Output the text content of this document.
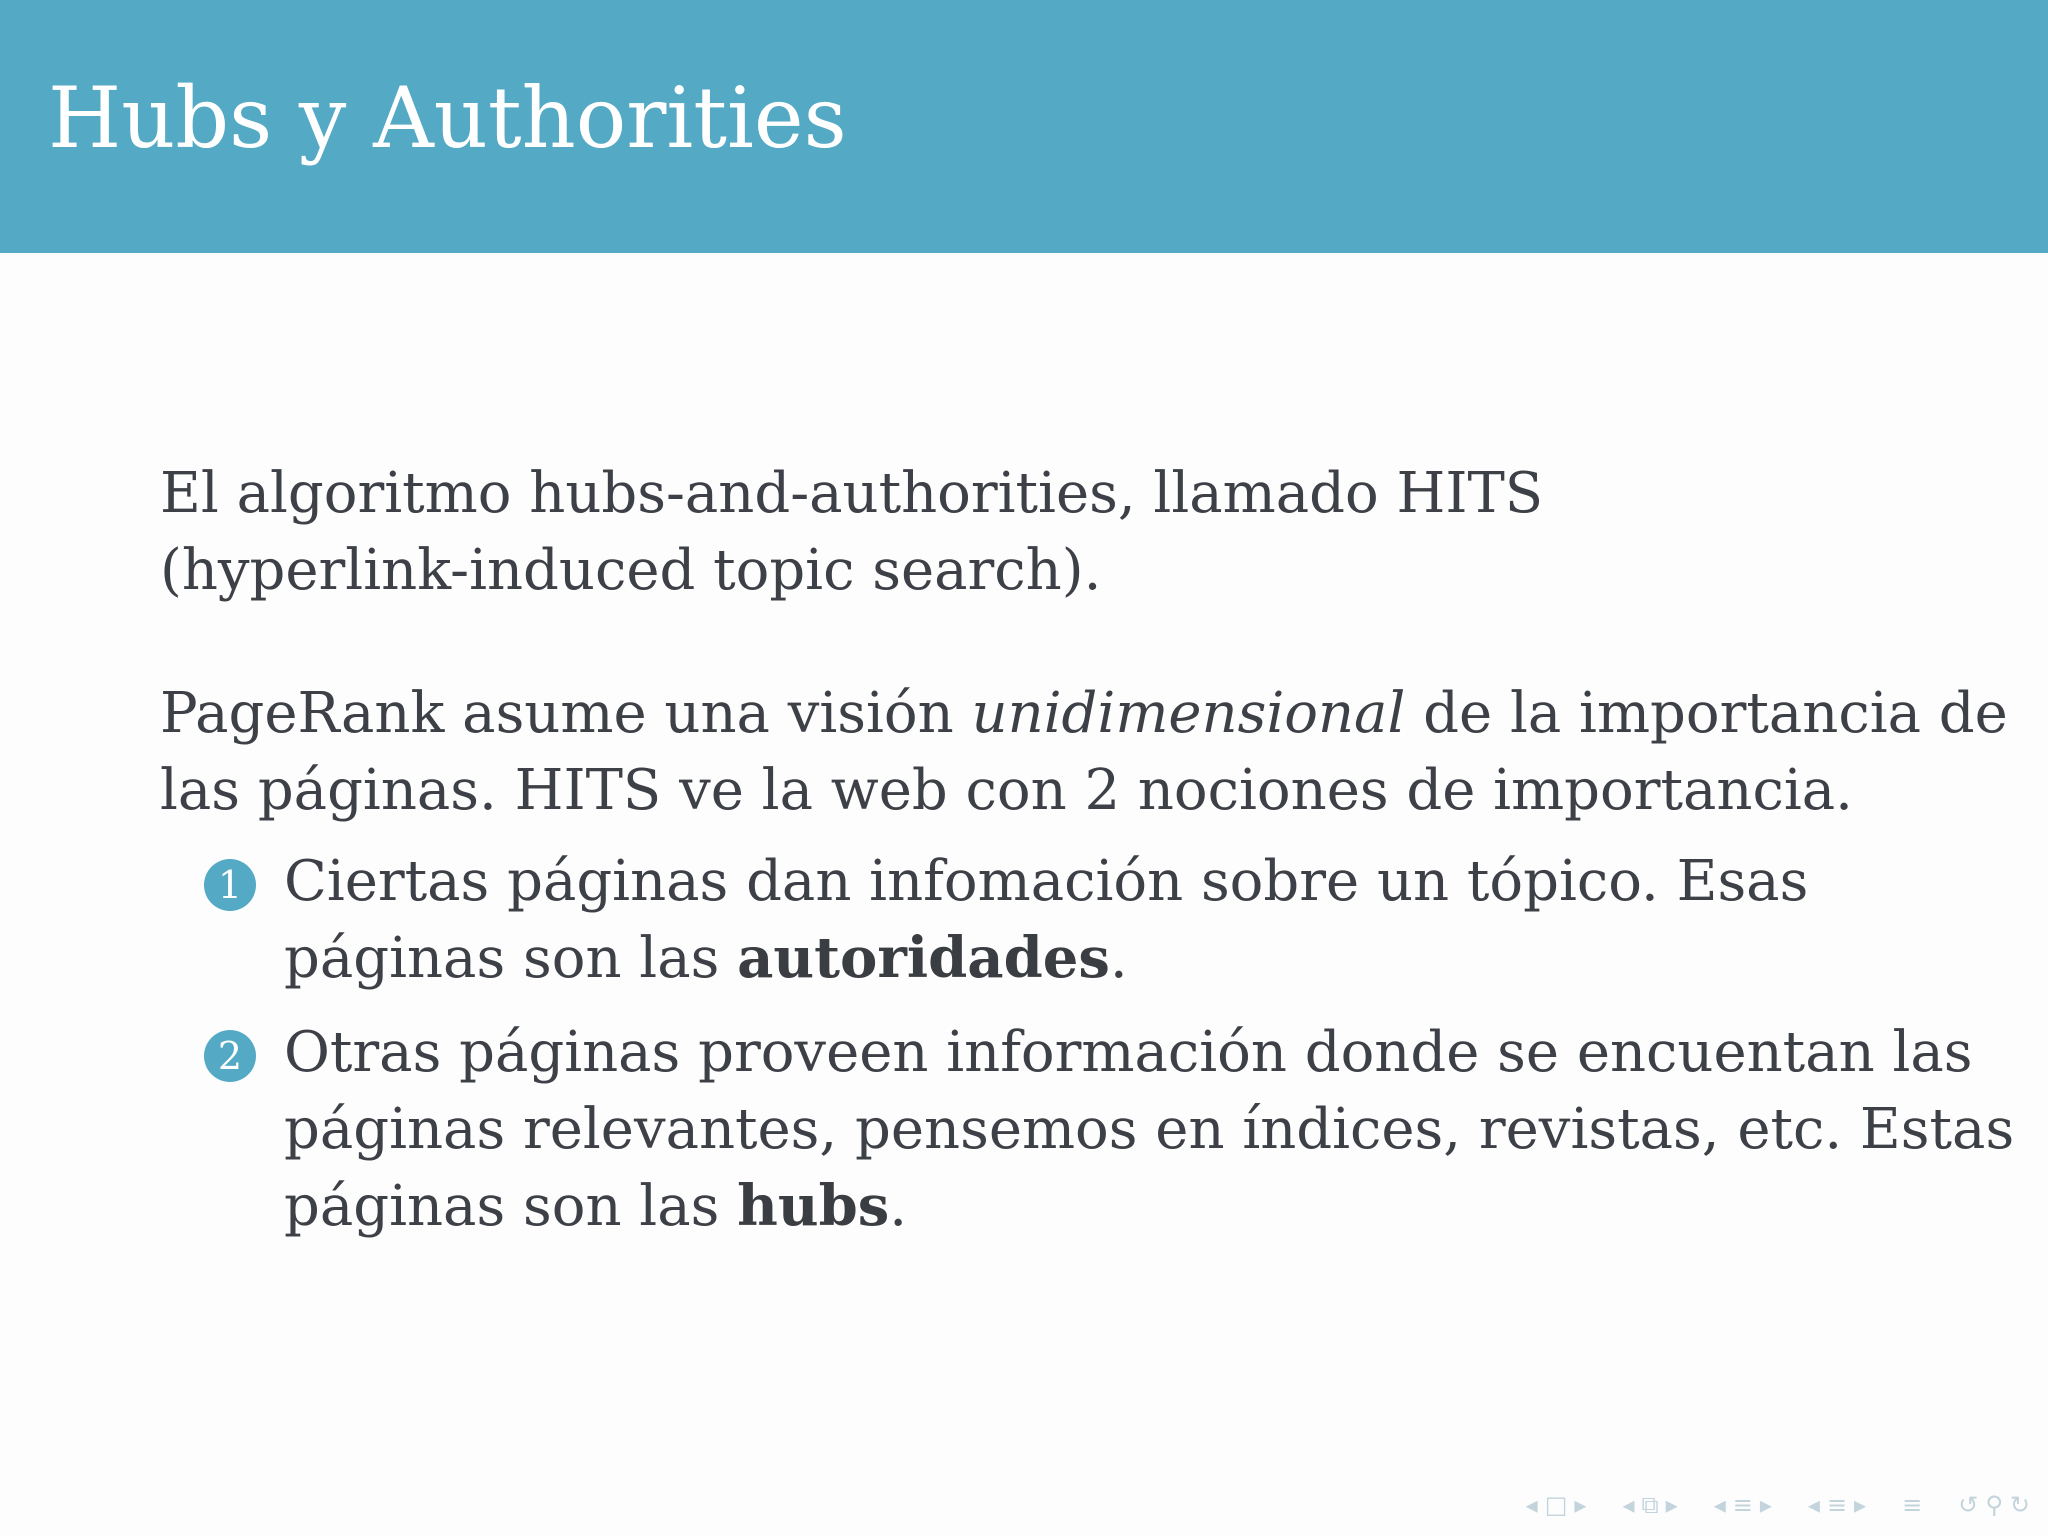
Hubs y Authorities

El algoritmo hubs-and-authorities, llamado HITS
(hyperlink-induced topic search).

PageRank asume una visión unidimensional de la importancia de
las páginas. HITS ve la web con 2 nociones de importancia.

1 Ciertas páginas dan infomación sobre un tópico. Esas
páginas son las autoridades.
2 Otras páginas proveen información donde se encuentan las
páginas relevantes, pensemos en índices, revistas, etc. Estas
páginas son las hubs.
◂ □ ▸ ◂ ⧉ ▸ ◂ ≡ ▸ ◂ ≡ ▸ ≡ ↺ ⚲ ↻
